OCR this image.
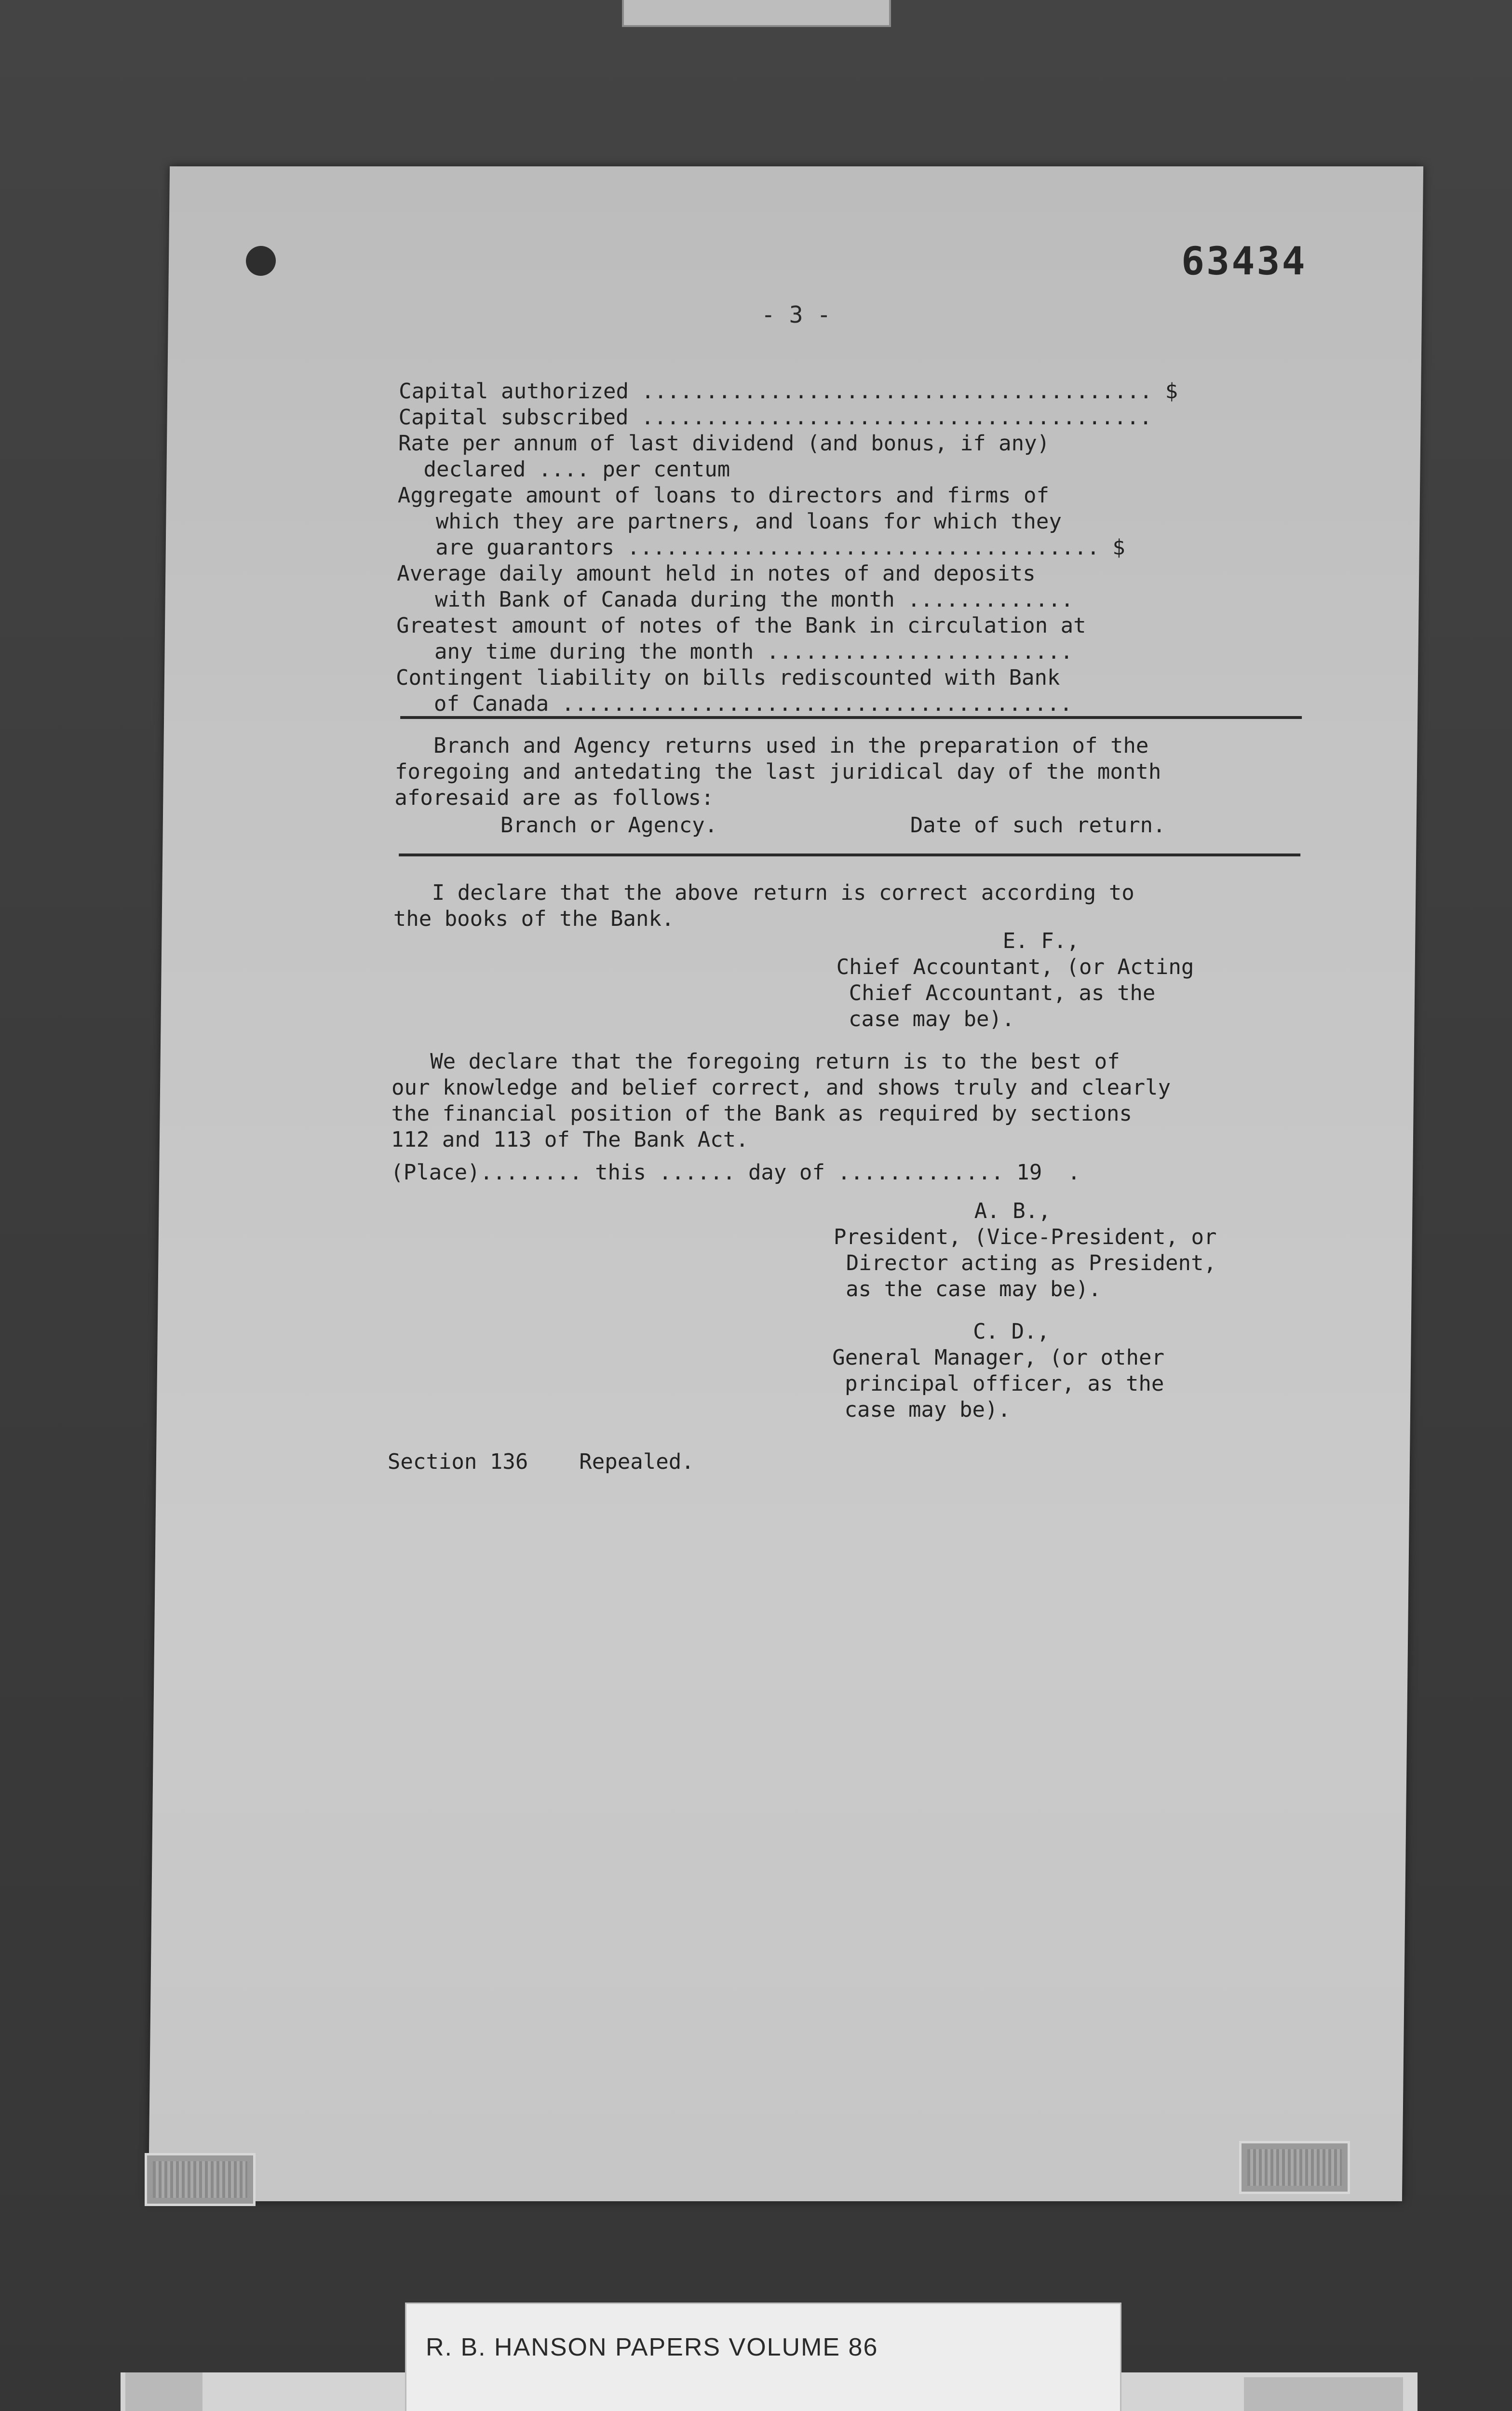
63434
- 3 -
Capital authorized ........................................ $
Capital subscribed ........................................
Rate per annum of last dividend (and bonus, if any)
declared .... per centum
Aggregate amount of loans to directors and firms of
which they are partners, and loans for which they
are guarantors ..................................... $
Average daily amount held in notes of and deposits
with Bank of Canada during the month .............
Greatest amount of notes of the Bank in circulation at
any time during the month ........................
Contingent liability on bills rediscounted with Bank
of Canada ........................................
Branch and Agency returns used in the preparation of the
foregoing and antedating the last juridical day of the month
aforesaid are as follows:
Branch or Agency.	Date of such return.
I declare that the above return is correct according to
the books of the Bank.
E. F.,
Chief Accountant, (or Acting
Chief Accountant, as the
case may be).
We declare that the foregoing return is to the best of
our knowledge and belief correct, and shows truly and clearly
the financial position of the Bank as required by sections
112 and 113 of The Bank Act.
(Place)........ this ...... day of ............. 19  .
A. B.,
President, (Vice-President, or
Director acting as President,
as the case may be).
C. D.,
General Manager, (or other
principal officer, as the
case may be).
Section 136    Repealed.
R. B. HANSON PAPERS VOLUME 86
